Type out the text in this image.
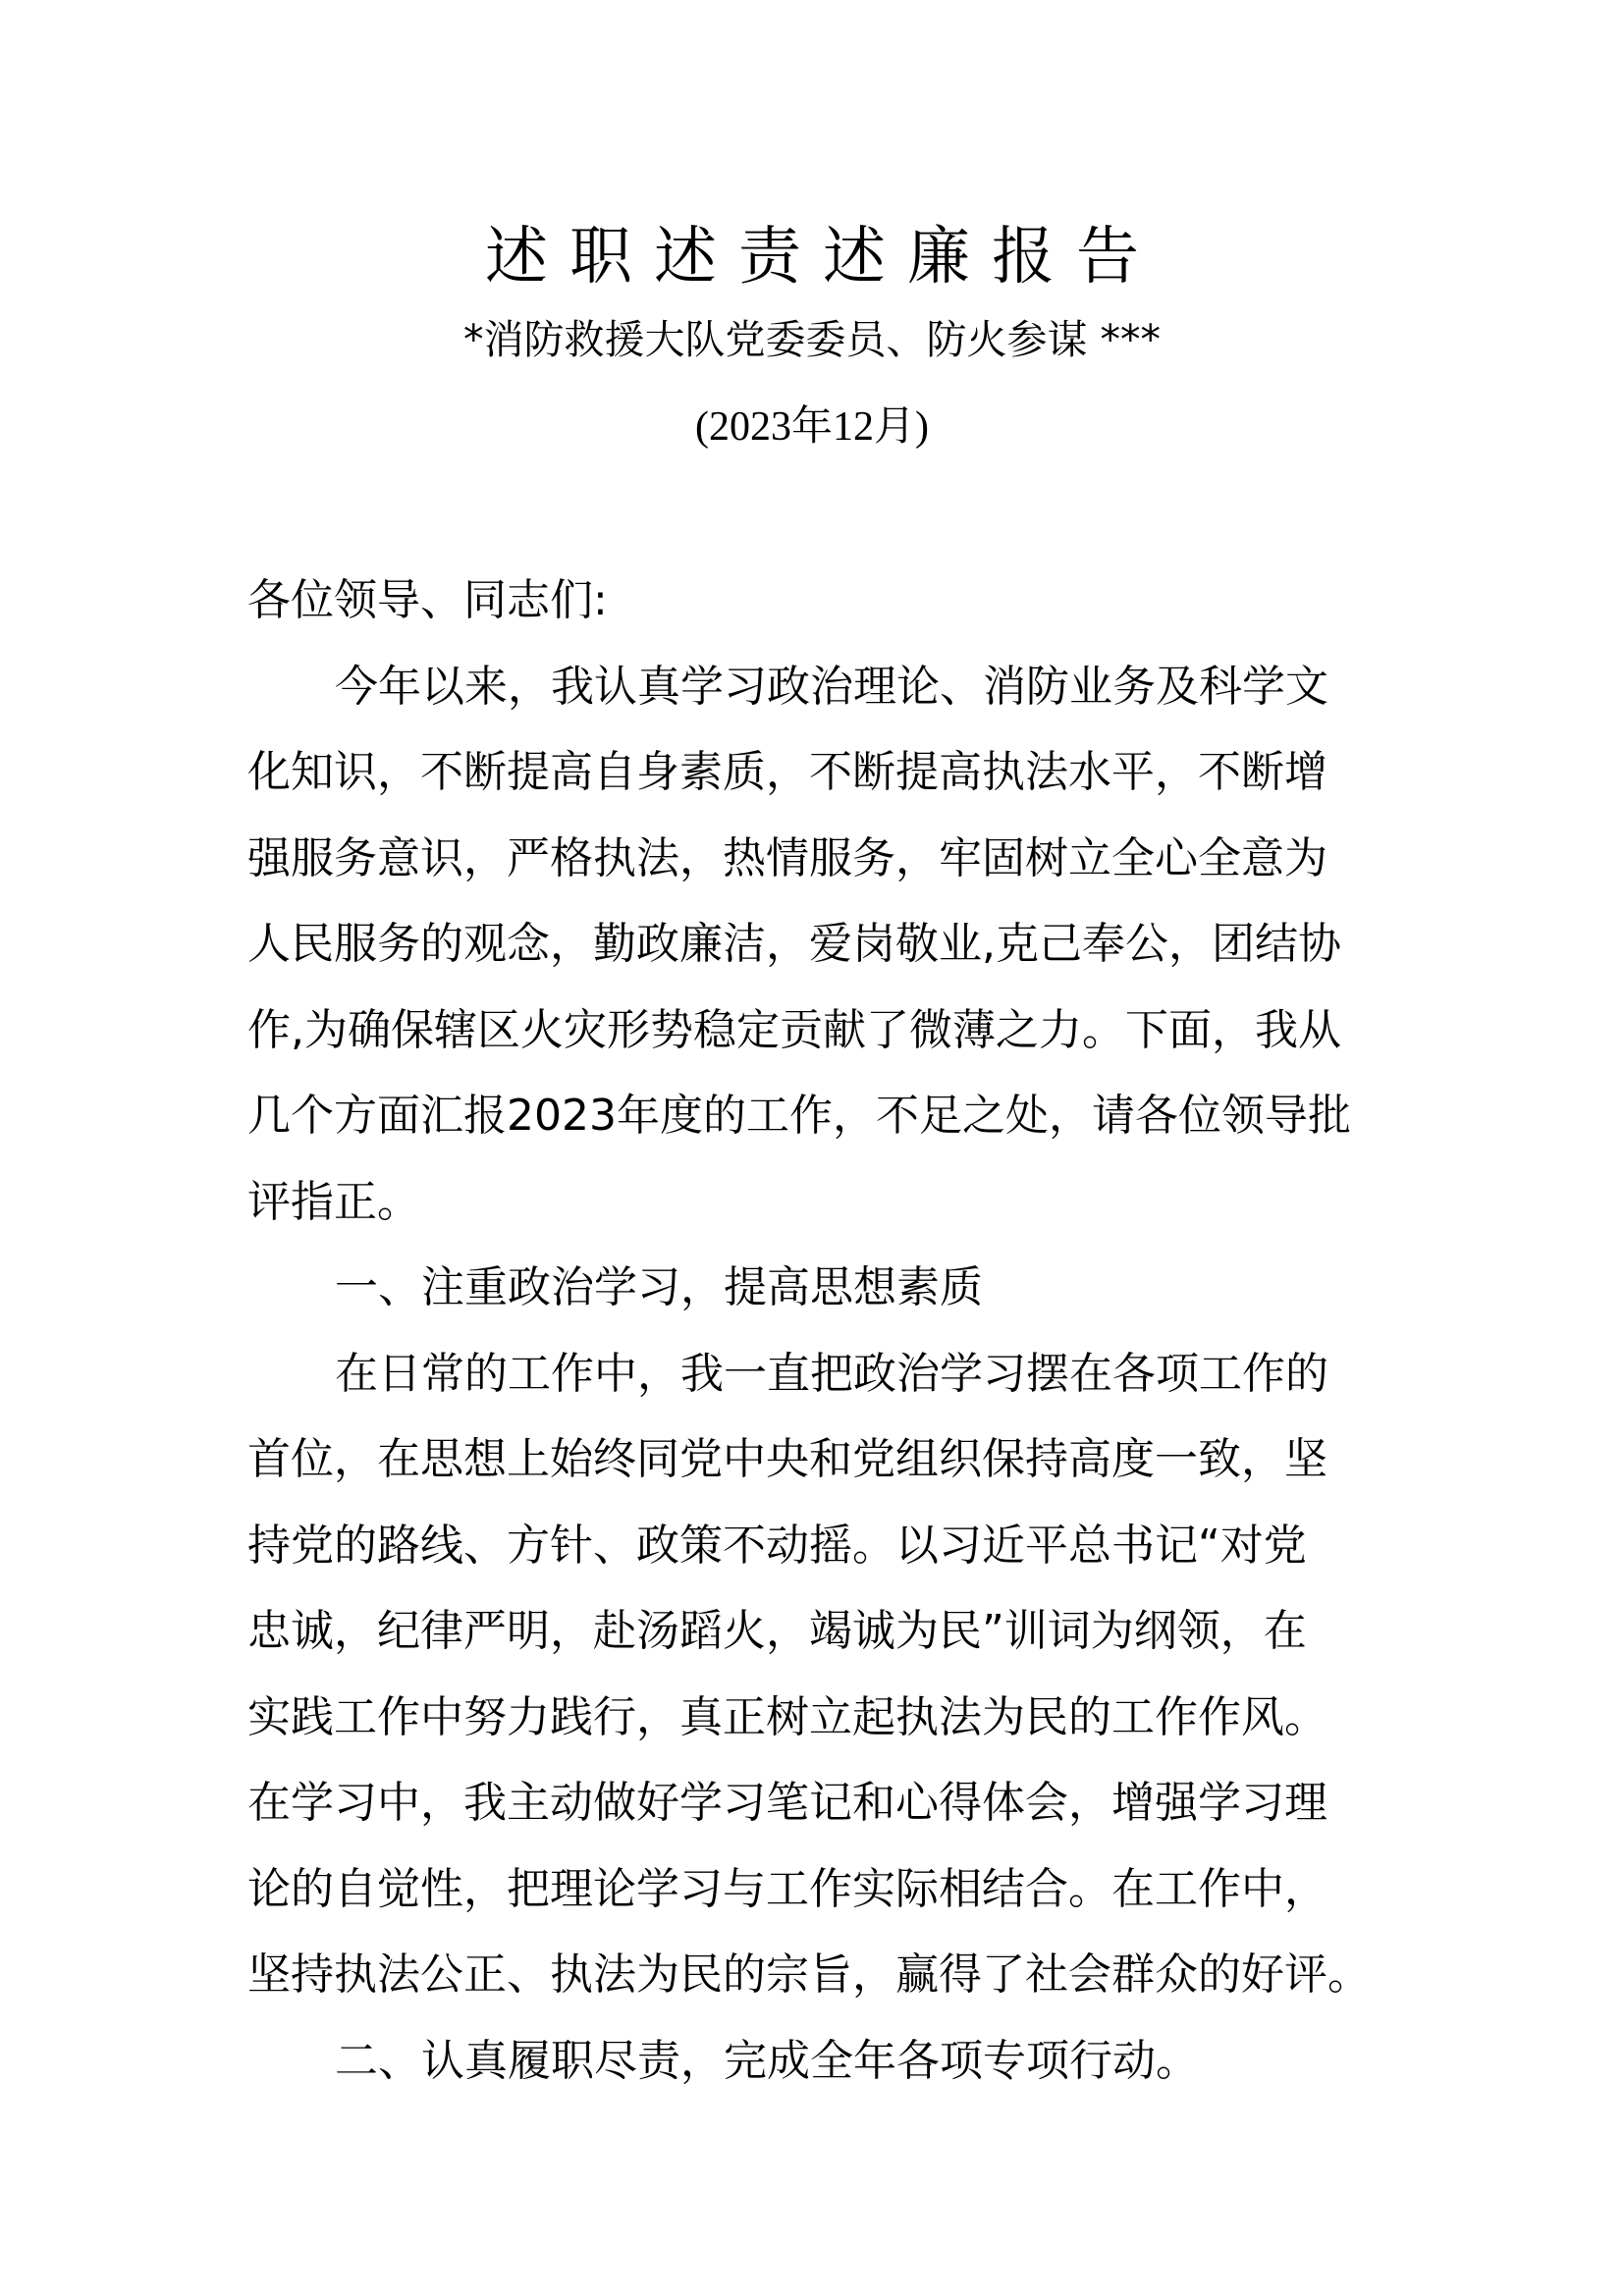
述职述责述廉报告
*消防救援大队党委委员、防火参谋 ***
(2023年12月)
各位领导、同志们:
今年以来，我认真学习政治理论、消防业务及科学文
化知识，不断提高自身素质，不断提高执法水平，不断增
强服务意识，严格执法，热情服务，牢固树立全心全意为
人民服务的观念，勤政廉洁，爱岗敬业,克己奉公，团结协
作,为确保辖区火灾形势稳定贡献了微薄之力。下面，我从
几个方面汇报2023年度的工作，不足之处，请各位领导批
评指正。
一、注重政治学习，提高思想素质
在日常的工作中，我一直把政治学习摆在各项工作的
首位，在思想上始终同党中央和党组织保持高度一致，坚
持党的路线、方针、政策不动摇。以习近平总书记“对党
忠诚，纪律严明，赴汤蹈火，竭诚为民”训词为纲领，在
实践工作中努力践行，真正树立起执法为民的工作作风。
在学习中，我主动做好学习笔记和心得体会，增强学习理
论的自觉性，把理论学习与工作实际相结合。在工作中，
坚持执法公正、执法为民的宗旨，赢得了社会群众的好评。
二、认真履职尽责，完成全年各项专项行动。
